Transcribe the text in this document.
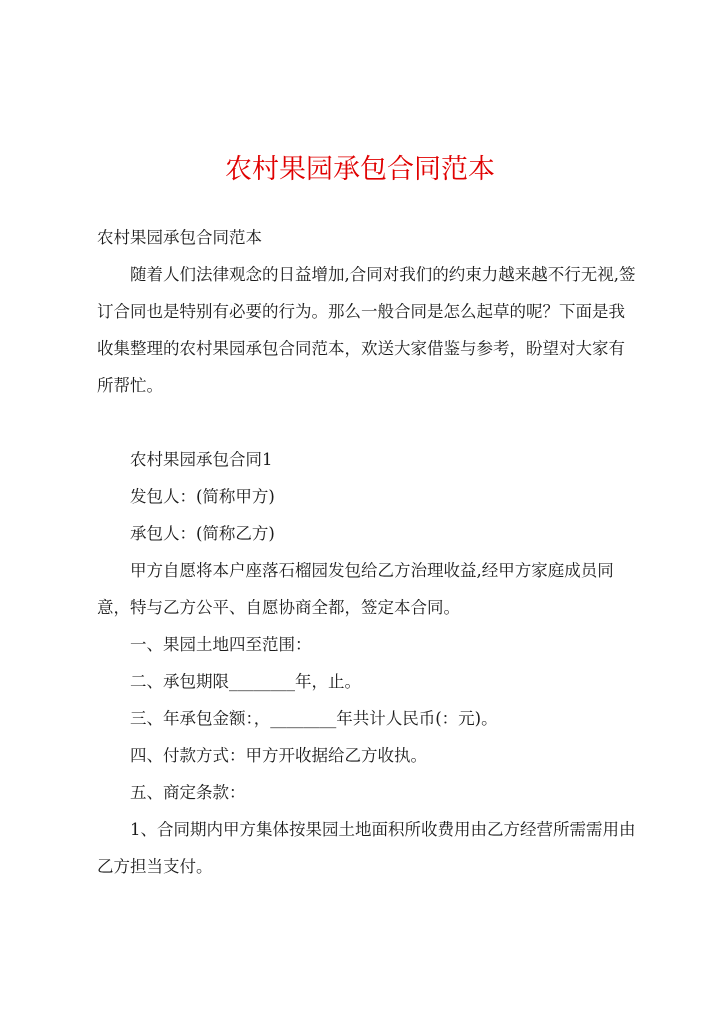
农村果园承包合同范本

农村果园承包合同范本

随着人们法律观念的日益增加,合同对我们的约束力越来越不行无视,签订合同也是特别有必要的行为。那么一般合同是怎么起草的呢？下面是我收集整理的农村果园承包合同范本，欢送大家借鉴与参考，盼望对大家有所帮忙。

农村果园承包合同1

发包人：(简称甲方)

承包人：(简称乙方)

甲方自愿将本户座落石榴园发包给乙方治理收益,经甲方家庭成员同意，特与乙方公平、自愿协商全都，签定本合同。

一、果园土地四至范围：

二、承包期限________年，止。

三、年承包金额：，________年共计人民币(：元)。

四、付款方式：甲方开收据给乙方收执。

五、商定条款：

1、合同期内甲方集体按果园土地面积所收费用由乙方经营所需需用由乙方担当支付。
